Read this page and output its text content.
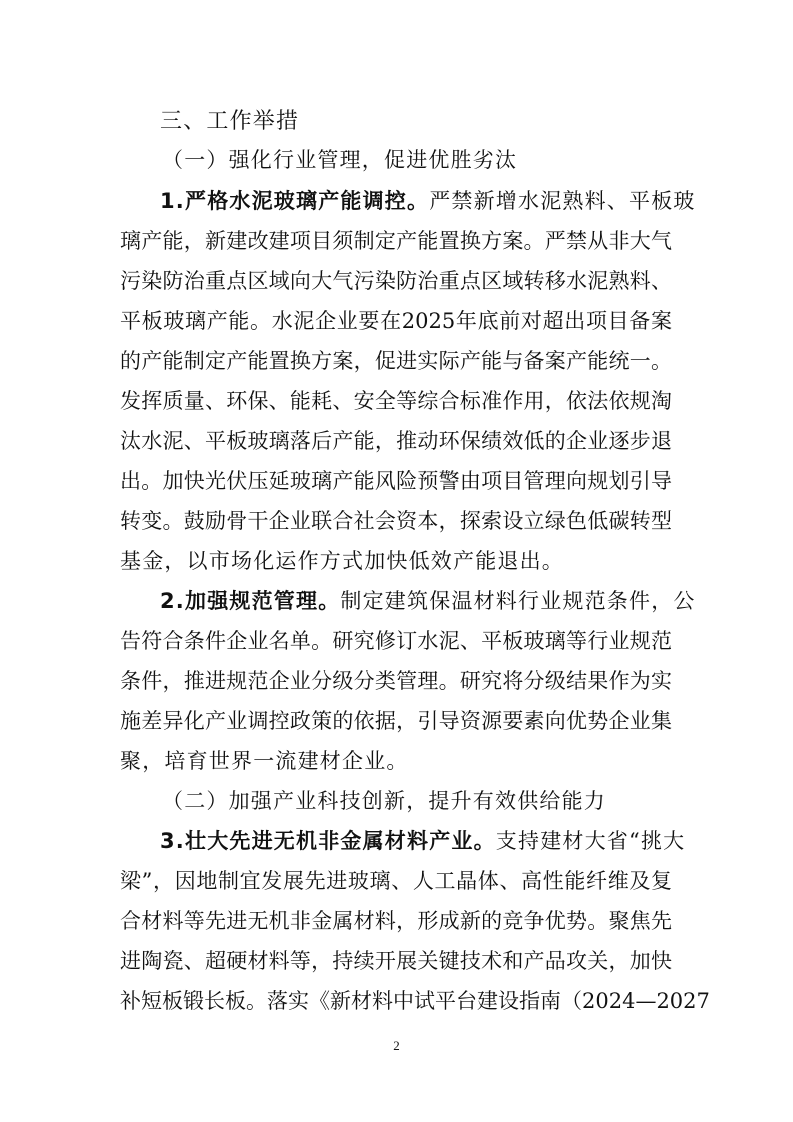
三、工作举措
（一）强化行业管理，促进优胜劣汰
1.严格水泥玻璃产能调控。严禁新增水泥熟料、平板玻
璃产能，新建改建项目须制定产能置换方案。严禁从非大气
污染防治重点区域向大气污染防治重点区域转移水泥熟料、
平板玻璃产能。水泥企业要在2025年底前对超出项目备案
的产能制定产能置换方案，促进实际产能与备案产能统一。
发挥质量、环保、能耗、安全等综合标准作用，依法依规淘
汰水泥、平板玻璃落后产能，推动环保绩效低的企业逐步退
出。加快光伏压延玻璃产能风险预警由项目管理向规划引导
转变。鼓励骨干企业联合社会资本，探索设立绿色低碳转型
基金，以市场化运作方式加快低效产能退出。
2.加强规范管理。制定建筑保温材料行业规范条件，公
告符合条件企业名单。研究修订水泥、平板玻璃等行业规范
条件，推进规范企业分级分类管理。研究将分级结果作为实
施差异化产业调控政策的依据，引导资源要素向优势企业集
聚，培育世界一流建材企业。
（二）加强产业科技创新，提升有效供给能力
3.壮大先进无机非金属材料产业。支持建材大省“挑大
梁”，因地制宜发展先进玻璃、人工晶体、高性能纤维及复
合材料等先进无机非金属材料，形成新的竞争优势。聚焦先
进陶瓷、超硬材料等，持续开展关键技术和产品攻关，加快
补短板锻长板。落实《新材料中试平台建设指南（2024—2027
2
